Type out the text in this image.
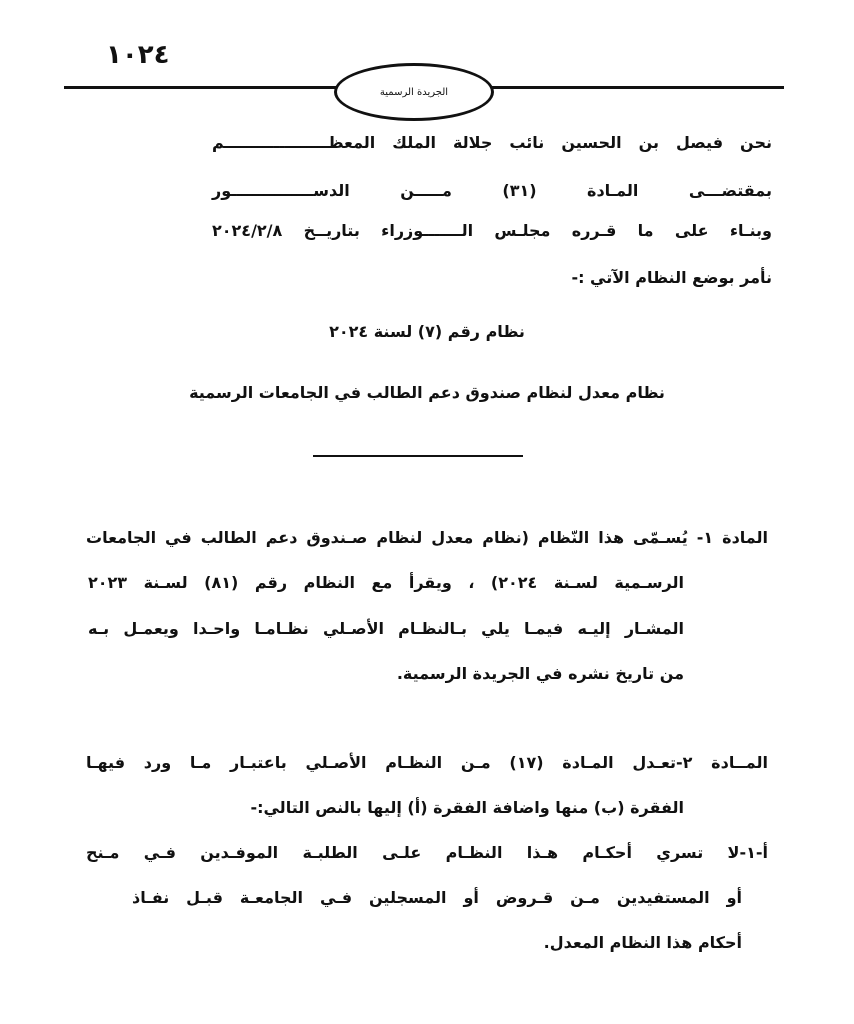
١٠٢٤
الجريدة الرسمية
نحن فيصل بن الحسين نائب جلالة الملك المعظـــــــــــــــــــم
بمقتضـــى المـادة (٣١) مـــــن الدســـــــــــــــور
وبنـاء على ما قـرره مجلـس الـــــــوزراء بتاريــخ ٢٠٢٤/٢/٨
نأمر بوضع النظام الآتي :-
نظام رقم (٧) لسنة ٢٠٢٤
نظام معدل لنظام صندوق دعم الطالب في الجامعات الرسمية
المادة ١- يُسـمّى هذا النّظام (نظام معدل لنظام صـندوق دعم الطالب في الجامعات
الرسـمية لسـنة ٢٠٢٤) ، ويقرأ مع النظام رقم (٨١) لسـنة ٢٠٢٣
المشـار إليـه فيمـا يلي بـالنظـام الأصـلي نظـامـا واحـدا ويعمـل بـه
من تاريخ نشره في الجريدة الرسمية.
المــادة ٢-تعـدل المـادة (١٧) مـن النظـام الأصـلي باعتبـار مـا ورد فيهـا
الفقرة (ب) منها واضافة الفقرة (أ) إليها بالنص التالي:-
أ-١-لا تسري أحكـام هـذا النظـام علـى الطلبـة الموفـدين فـي مـنح
أو المستفيدين مـن قـروض أو المسجلين فـي الجامعـة قبـل نفـاذ
أحكام هذا النظام المعدل.
